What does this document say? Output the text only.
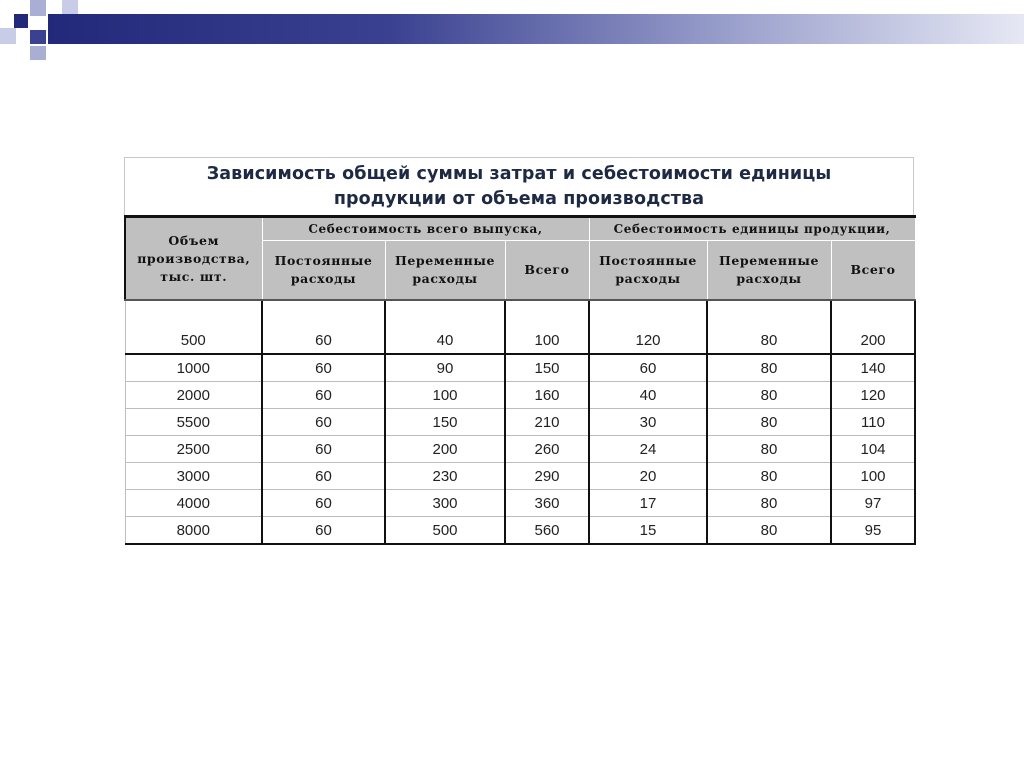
Зависимость общей суммы затрат и себестоимости единицы
продукции от объема производства
Объем производства, тыс. шт.	Себестоимость всего выпуска,			Себестоимость единицы продукции,		
	Постоянные расходы	Переменные расходы	Всего	Постоянные расходы	Переменные расходы	Всего
500	60	40	100	120	80	200
1000	60	90	150	60	80	140
2000	60	100	160	40	80	120
5500	60	150	210	30	80	110
2500	60	200	260	24	80	104
3000	60	230	290	20	80	100
4000	60	300	360	17	80	97
8000	60	500	560	15	80	95
